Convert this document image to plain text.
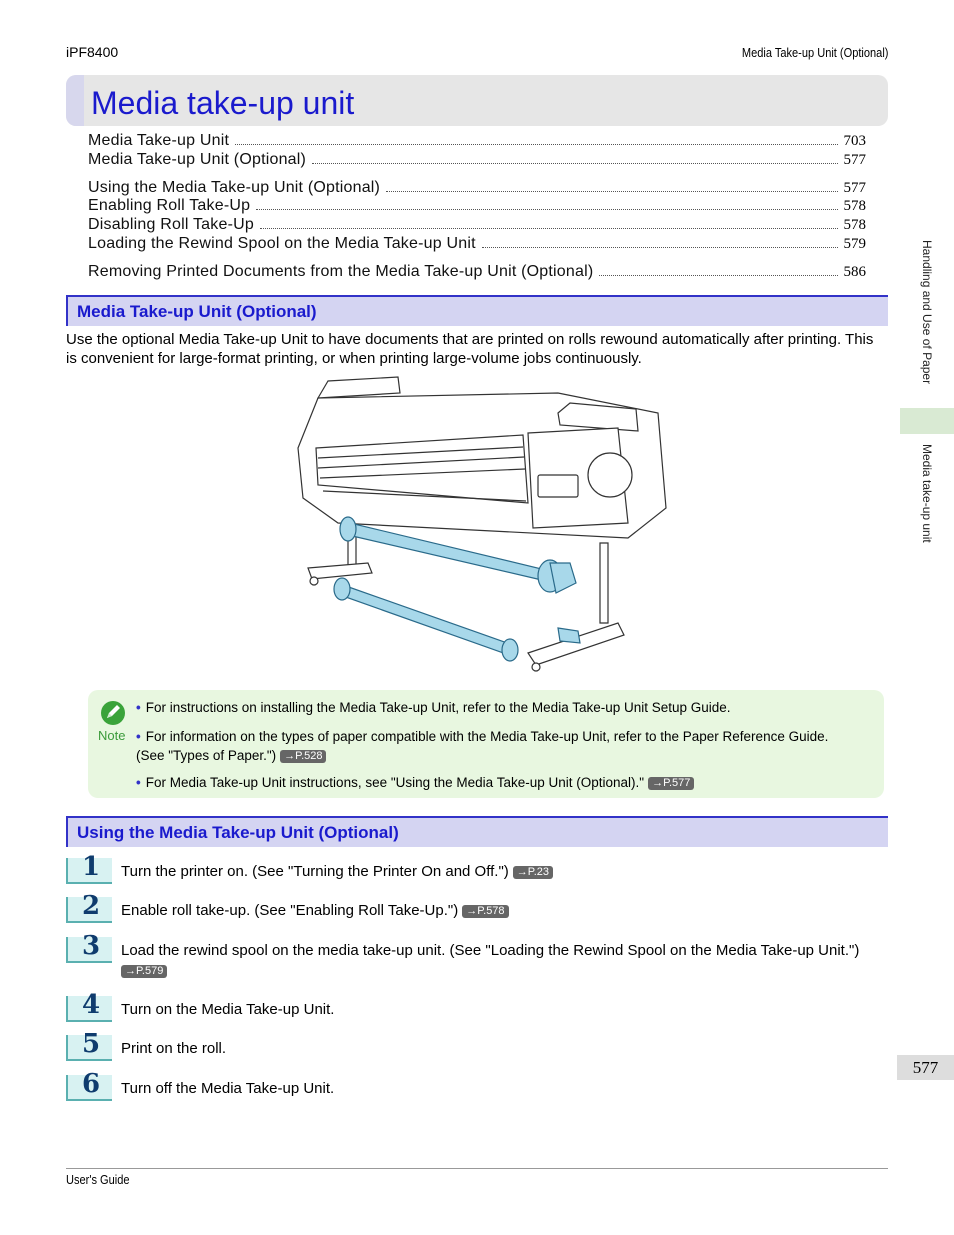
iPF8400	Media Take-up Unit (Optional)
Media take-up unit
Media Take-up Unit	703
Media Take-up Unit (Optional)	577
Using the Media Take-up Unit (Optional)	577
Enabling Roll Take-Up	578
Disabling Roll Take-Up	578
Loading the Rewind Spool on the Media Take-up Unit	579
Removing Printed Documents from the Media Take-up Unit (Optional)	586
Media Take-up Unit (Optional)
Use the optional Media Take-up Unit to have documents that are printed on rolls rewound automatically after printing. This is convenient for large-format printing, or when printing large-volume jobs continuously.
Note
• For instructions on installing the Media Take-up Unit, refer to the Media Take-up Unit Setup Guide.
• For information on the types of paper compatible with the Media Take-up Unit, refer to the Paper Reference Guide. (See "Types of Paper.") →P.528
• For Media Take-up Unit instructions, see "Using the Media Take-up Unit (Optional)." →P.577
Using the Media Take-up Unit (Optional)
1 Turn the printer on. (See "Turning the Printer On and Off.") →P.23
2 Enable roll take-up. (See "Enabling Roll Take-Up.") →P.578
3 Load the rewind spool on the media take-up unit. (See "Loading the Rewind Spool on the Media Take-up Unit.")
→P.579
4 Turn on the Media Take-up Unit.
5 Print on the roll.
6 Turn off the Media Take-up Unit.
Handling and Use of Paper
Media take-up unit
577
User's Guide
